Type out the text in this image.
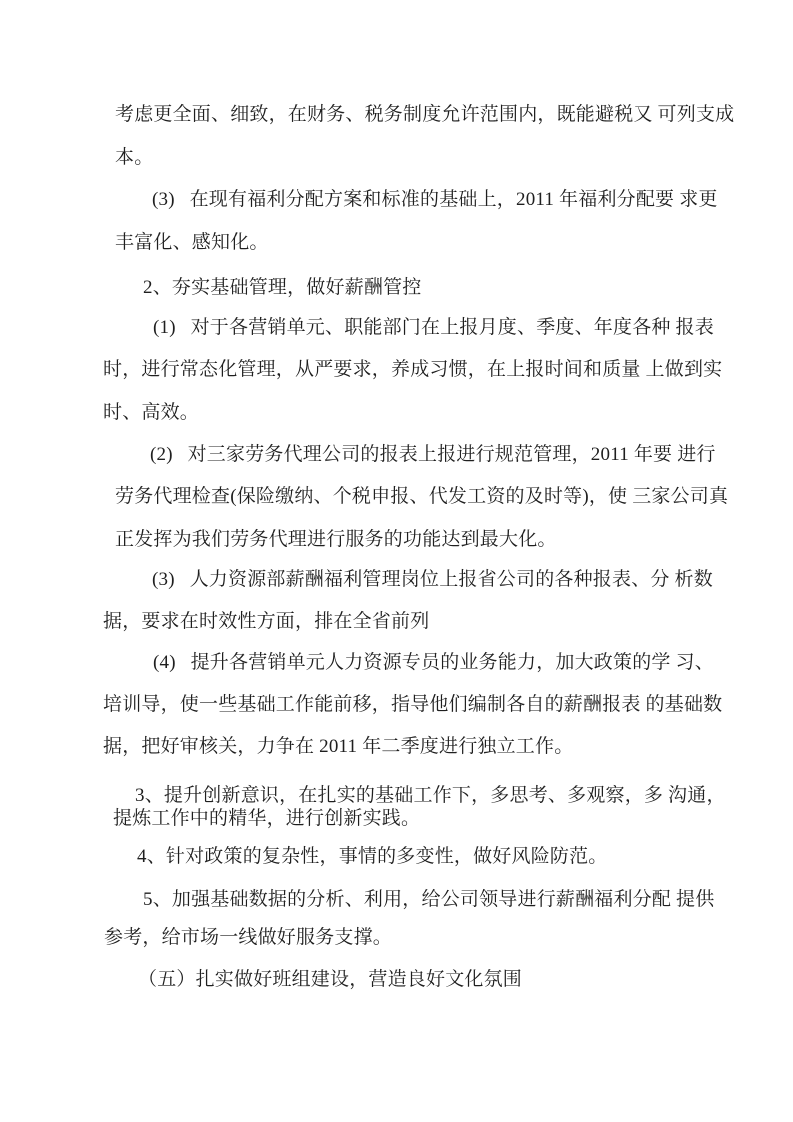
考虑更全面、细致，在财务、税务制度允许范围内，既能避税又 可列支成
本。
(3)   在现有福利分配方案和标准的基础上，2011 年福利分配要 求更
丰富化、感知化。
2、夯实基础管理，做好薪酬管控
(1)   对于各营销单元、职能部门在上报月度、季度、年度各种 报表
时，进行常态化管理，从严要求，养成习惯，在上报时间和质量 上做到实
时、高效。
(2)   对三家劳务代理公司的报表上报进行规范管理，2011 年要 进行
劳务代理检查(保险缴纳、个税申报、代发工资的及时等)，使 三家公司真
正发挥为我们劳务代理进行服务的功能达到最大化。
(3)   人力资源部薪酬福利管理岗位上报省公司的各种报表、分 析数
据，要求在时效性方面，排在全省前列
(4)   提升各营销单元人力资源专员的业务能力，加大政策的学 习、
培训导，使一些基础工作能前移，指导他们编制各自的薪酬报表 的基础数
据，把好审核关，力争在 2011 年二季度进行独立工作。
3、提升创新意识，在扎实的基础工作下，多思考、多观察，多 沟通，
提炼工作中的精华，进行创新实践。
4、针对政策的复杂性，事情的多变性，做好风险防范。
5、加强基础数据的分析、利用，给公司领导进行薪酬福利分配 提供
参考，给市场一线做好服务支撑。
（五）扎实做好班组建设，营造良好文化氛围
